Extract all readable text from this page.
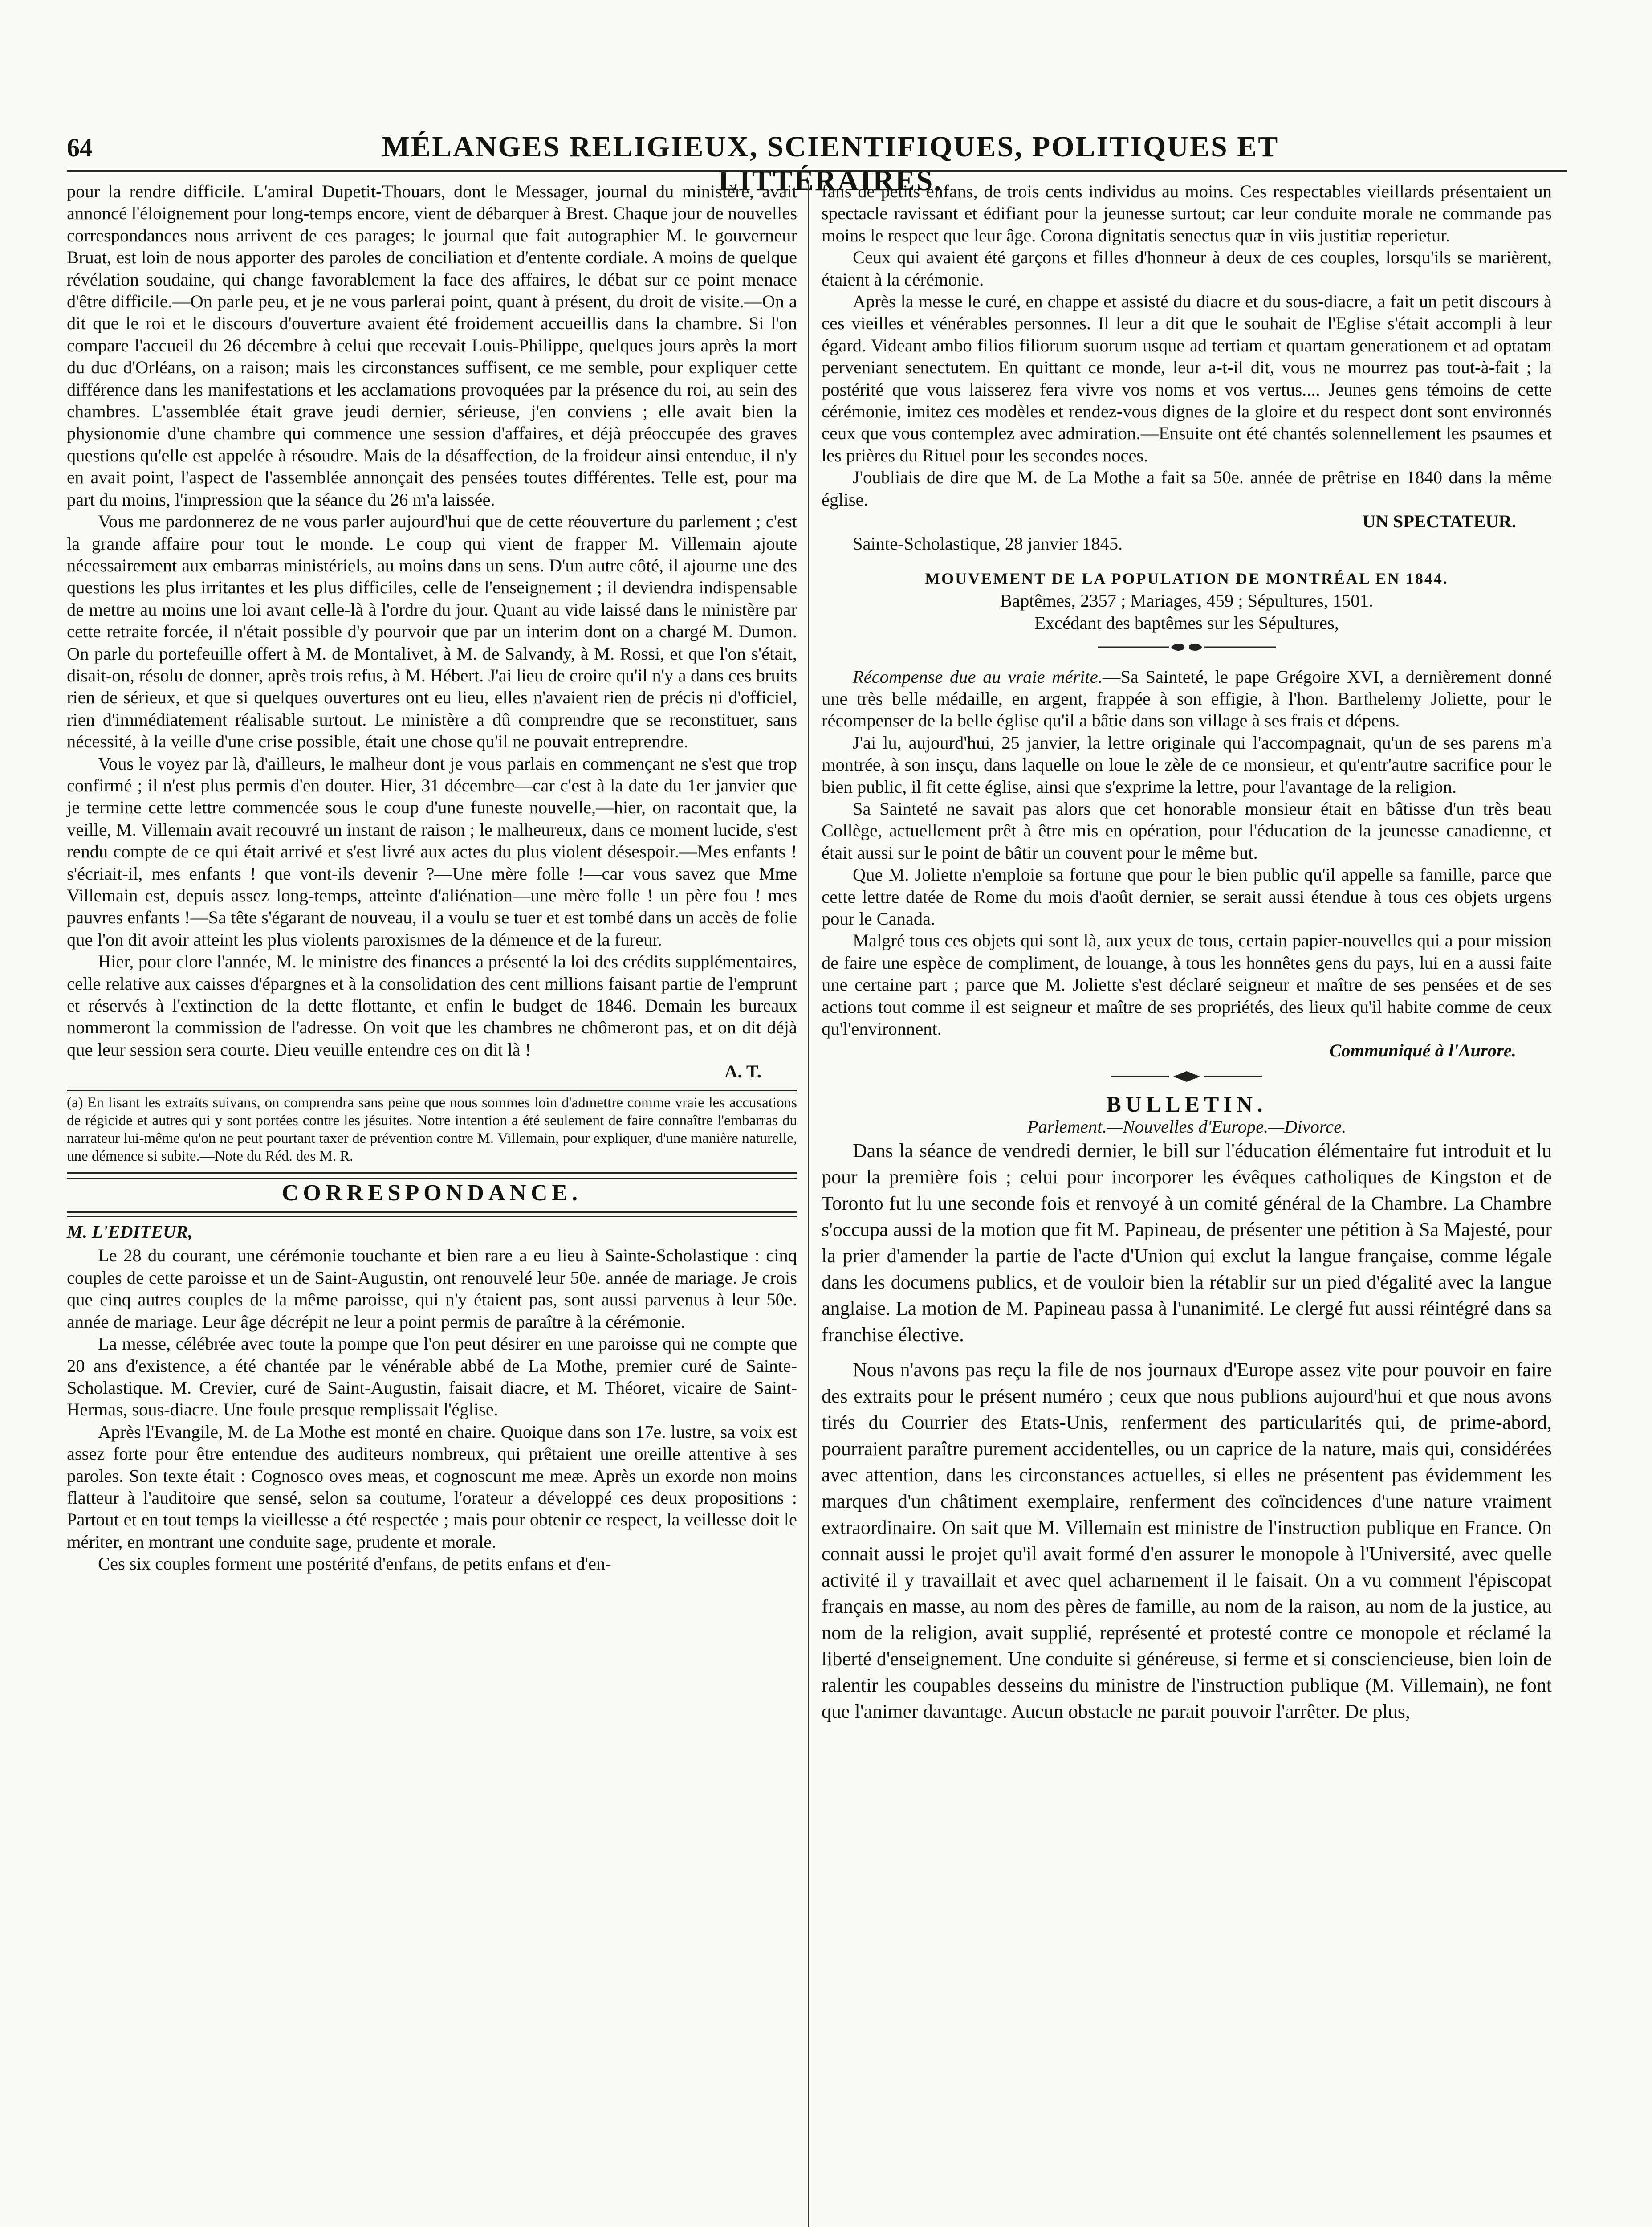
64	MÉLANGES RELIGIEUX, SCIENTIFIQUES, POLITIQUES ET LITTÉRAIRES.

pour la rendre difficile. L'amiral Dupetit-Thouars, dont le Messager, journal du ministère, avait annoncé l'éloignement pour long-temps encore, vient de débarquer à Brest. Chaque jour de nouvelles correspondances nous arrivent de ces parages; le journal que fait autographier M. le gouverneur Bruat, est loin de nous apporter des paroles de conciliation et d'entente cordiale. A moins de quelque révélation soudaine, qui change favorablement la face des affaires, le débat sur ce point menace d'être difficile.—On parle peu, et je ne vous parlerai point, quant à présent, du droit de visite.—On a dit que le roi et le discours d'ouverture avaient été froidement accueillis dans la chambre. Si l'on compare l'accueil du 26 décembre à celui que recevait Louis-Philippe, quelques jours après la mort du duc d'Orléans, on a raison; mais les circonstances suffisent, ce me semble, pour expliquer cette différence dans les manifestations et les acclamations provoquées par la présence du roi, au sein des chambres. L'assemblée était grave jeudi dernier, sérieuse, j'en conviens ; elle avait bien la physionomie d'une chambre qui commence une session d'affaires, et déjà préoccupée des graves questions qu'elle est appelée à résoudre. Mais de la désaffection, de la froideur ainsi entendue, il n'y en avait point, l'aspect de l'assemblée annonçait des pensées toutes différentes. Telle est, pour ma part du moins, l'impression que la séance du 26 m'a laissée.

Vous me pardonnerez de ne vous parler aujourd'hui que de cette réouverture du parlement ; c'est la grande affaire pour tout le monde. Le coup qui vient de frapper M. Villemain ajoute nécessairement aux embarras ministériels, au moins dans un sens. D'un autre côté, il ajourne une des questions les plus irritantes et les plus difficiles, celle de l'enseignement ; il deviendra indispensable de mettre au moins une loi avant celle-là à l'ordre du jour. Quant au vide laissé dans le ministère par cette retraite forcée, il n'était possible d'y pourvoir que par un interim dont on a chargé M. Dumon. On parle du portefeuille offert à M. de Montalivet, à M. de Salvandy, à M. Rossi, et que l'on s'était, disait-on, résolu de donner, après trois refus, à M. Hébert. J'ai lieu de croire qu'il n'y a dans ces bruits rien de sérieux, et que si quelques ouvertures ont eu lieu, elles n'avaient rien de précis ni d'officiel, rien d'immédiatement réalisable surtout. Le ministère a dû comprendre que se reconstituer, sans nécessité, à la veille d'une crise possible, était une chose qu'il ne pouvait entreprendre.

Vous le voyez par là, d'ailleurs, le malheur dont je vous parlais en commençant ne s'est que trop confirmé ; il n'est plus permis d'en douter. Hier, 31 décembre—car c'est à la date du 1er janvier que je termine cette lettre commencée sous le coup d'une funeste nouvelle,—hier, on racontait que, la veille, M. Villemain avait recouvré un instant de raison ; le malheureux, dans ce moment lucide, s'est rendu compte de ce qui était arrivé et s'est livré aux actes du plus violent désespoir.—Mes enfants ! s'écriait-il, mes enfants ! que vont-ils devenir ?—Une mère folle !—car vous savez que Mme Villemain est, depuis assez long-temps, atteinte d'aliénation—une mère folle ! un père fou ! mes pauvres enfants !—Sa tête s'égarant de nouveau, il a voulu se tuer et est tombé dans un accès de folie que l'on dit avoir atteint les plus violents paroxismes de la démence et de la fureur.

Hier, pour clore l'année, M. le ministre des finances a présenté la loi des crédits supplémentaires, celle relative aux caisses d'épargnes et à la consolidation des cent millions faisant partie de l'emprunt et réservés à l'extinction de la dette flottante, et enfin le budget de 1846. Demain les bureaux nommeront la commission de l'adresse. On voit que les chambres ne chômeront pas, et on dit déjà que leur session sera courte. Dieu veuille entendre ces on dit là !

A. T.

(a) En lisant les extraits suivans, on comprendra sans peine que nous sommes loin d'admettre comme vraie les accusations de régicide et autres qui y sont portées contre les jésuites. Notre intention a été seulement de faire connaître l'embarras du narrateur lui-même qu'on ne peut pourtant taxer de prévention contre M. Villemain, pour expliquer, d'une manière naturelle, une démence si subite.—Note du Réd. des M. R.

CORRESPONDANCE.

M. L'EDITEUR,

Le 28 du courant, une cérémonie touchante et bien rare a eu lieu à Sainte-Scholastique : cinq couples de cette paroisse et un de Saint-Augustin, ont renouvelé leur 50e. année de mariage. Je crois que cinq autres couples de la même paroisse, qui n'y étaient pas, sont aussi parvenus à leur 50e. année de mariage. Leur âge décrépit ne leur a point permis de paraître à la cérémonie.

La messe, célébrée avec toute la pompe que l'on peut désirer en une paroisse qui ne compte que 20 ans d'existence, a été chantée par le vénérable abbé de La Mothe, premier curé de Sainte-Scholastique. M. Crevier, curé de Saint-Augustin, faisait diacre, et M. Théoret, vicaire de Saint-Hermas, sous-diacre. Une foule presque remplissait l'église.

Après l'Evangile, M. de La Mothe est monté en chaire. Quoique dans son 17e. lustre, sa voix est assez forte pour être entendue des auditeurs nombreux, qui prêtaient une oreille attentive à ses paroles. Son texte était : Cognosco oves meas, et cognoscunt me meæ. Après un exorde non moins flatteur à l'auditoire que sensé, selon sa coutume, l'orateur a développé ces deux propositions : Partout et en tout temps la vieillesse a été respectée ; mais pour obtenir ce respect, la veillesse doit le mériter, en montrant une conduite sage, prudente et morale.

Ces six couples forment une postérité d'enfans, de petits enfans et d'en-

fans de petits enfans, de trois cents individus au moins. Ces respectables vieillards présentaient un spectacle ravissant et édifiant pour la jeunesse surtout; car leur conduite morale ne commande pas moins le respect que leur âge. Corona dignitatis senectus quæ in viis justitiæ reperietur.

Ceux qui avaient été garçons et filles d'honneur à deux de ces couples, lorsqu'ils se marièrent, étaient à la cérémonie.

Après la messe le curé, en chappe et assisté du diacre et du sous-diacre, a fait un petit discours à ces vieilles et vénérables personnes. Il leur a dit que le souhait de l'Eglise s'était accompli à leur égard. Videant ambo filios filiorum suorum usque ad tertiam et quartam generationem et ad optatam perveniant senectutem. En quittant ce monde, leur a-t-il dit, vous ne mourrez pas tout-à-fait ; la postérité que vous laisserez fera vivre vos noms et vos vertus.... Jeunes gens témoins de cette cérémonie, imitez ces modèles et rendez-vous dignes de la gloire et du respect dont sont environnés ceux que vous contemplez avec admiration.—Ensuite ont été chantés solennellement les psaumes et les prières du Rituel pour les secondes noces.

J'oubliais de dire que M. de La Mothe a fait sa 50e. année de prêtrise en 1840 dans la même église.

UN SPECTATEUR.

Sainte-Scholastique, 28 janvier 1845.

MOUVEMENT DE LA POPULATION DE MONTRÉAL EN 1844.

Baptêmes, 2357 ; Mariages, 459 ; Sépultures, 1501.

Excédant des baptêmes sur les Sépultures,

Récompense due au vraie mérite.—Sa Sainteté, le pape Grégoire XVI, a dernièrement donné une très belle médaille, en argent, frappée à son effigie, à l'hon. Barthelemy Joliette, pour le récompenser de la belle église qu'il a bâtie dans son village à ses frais et dépens.

J'ai lu, aujourd'hui, 25 janvier, la lettre originale qui l'accompagnait, qu'un de ses parens m'a montrée, à son insçu, dans laquelle on loue le zèle de ce monsieur, et qu'entr'autre sacrifice pour le bien public, il fit cette église, ainsi que s'exprime la lettre, pour l'avantage de la religion.

Sa Sainteté ne savait pas alors que cet honorable monsieur était en bâtisse d'un très beau Collège, actuellement prêt à être mis en opération, pour l'éducation de la jeunesse canadienne, et était aussi sur le point de bâtir un couvent pour le même but.

Que M. Joliette n'emploie sa fortune que pour le bien public qu'il appelle sa famille, parce que cette lettre datée de Rome du mois d'août dernier, se serait aussi étendue à tous ces objets urgens pour le Canada.

Malgré tous ces objets qui sont là, aux yeux de tous, certain papier-nouvelles qui a pour mission de faire une espèce de compliment, de louange, à tous les honnêtes gens du pays, lui en a aussi faite une certaine part ; parce que M. Joliette s'est déclaré seigneur et maître de ses pensées et de ses actions tout comme il est seigneur et maître de ses propriétés, des lieux qu'il habite comme de ceux qu'l'environnent.

Communiqué à l'Aurore.

BULLETIN.
Parlement.—Nouvelles d'Europe.—Divorce.

Dans la séance de vendredi dernier, le bill sur l'éducation élémentaire fut introduit et lu pour la première fois ; celui pour incorporer les évêques catholiques de Kingston et de Toronto fut lu une seconde fois et renvoyé à un comité général de la Chambre. La Chambre s'occupa aussi de la motion que fit M. Papineau, de présenter une pétition à Sa Majesté, pour la prier d'amender la partie de l'acte d'Union qui exclut la langue française, comme légale dans les documens publics, et de vouloir bien la rétablir sur un pied d'égalité avec la langue anglaise. La motion de M. Papineau passa à l'unanimité. Le clergé fut aussi réintégré dans sa franchise élective.

Nous n'avons pas reçu la file de nos journaux d'Europe assez vite pour pouvoir en faire des extraits pour le présent numéro ; ceux que nous publions aujourd'hui et que nous avons tirés du Courrier des Etats-Unis, renferment des particularités qui, de prime-abord, pourraient paraître purement accidentelles, ou un caprice de la nature, mais qui, considérées avec attention, dans les circonstances actuelles, si elles ne présentent pas évidemment les marques d'un châtiment exemplaire, renferment des coïncidences d'une nature vraiment extraordinaire. On sait que M. Villemain est ministre de l'instruction publique en France. On connait aussi le projet qu'il avait formé d'en assurer le monopole à l'Université, avec quelle activité il y travaillait et avec quel acharnement il le faisait. On a vu comment l'épiscopat français en masse, au nom des pères de famille, au nom de la raison, au nom de la justice, au nom de la religion, avait supplié, représenté et protesté contre ce monopole et réclamé la liberté d'enseignement. Une conduite si généreuse, si ferme et si consciencieuse, bien loin de ralentir les coupables desseins du ministre de l'instruction publique (M. Villemain), ne font que l'animer davantage. Aucun obstacle ne parait pouvoir l'arrêter. De plus,
